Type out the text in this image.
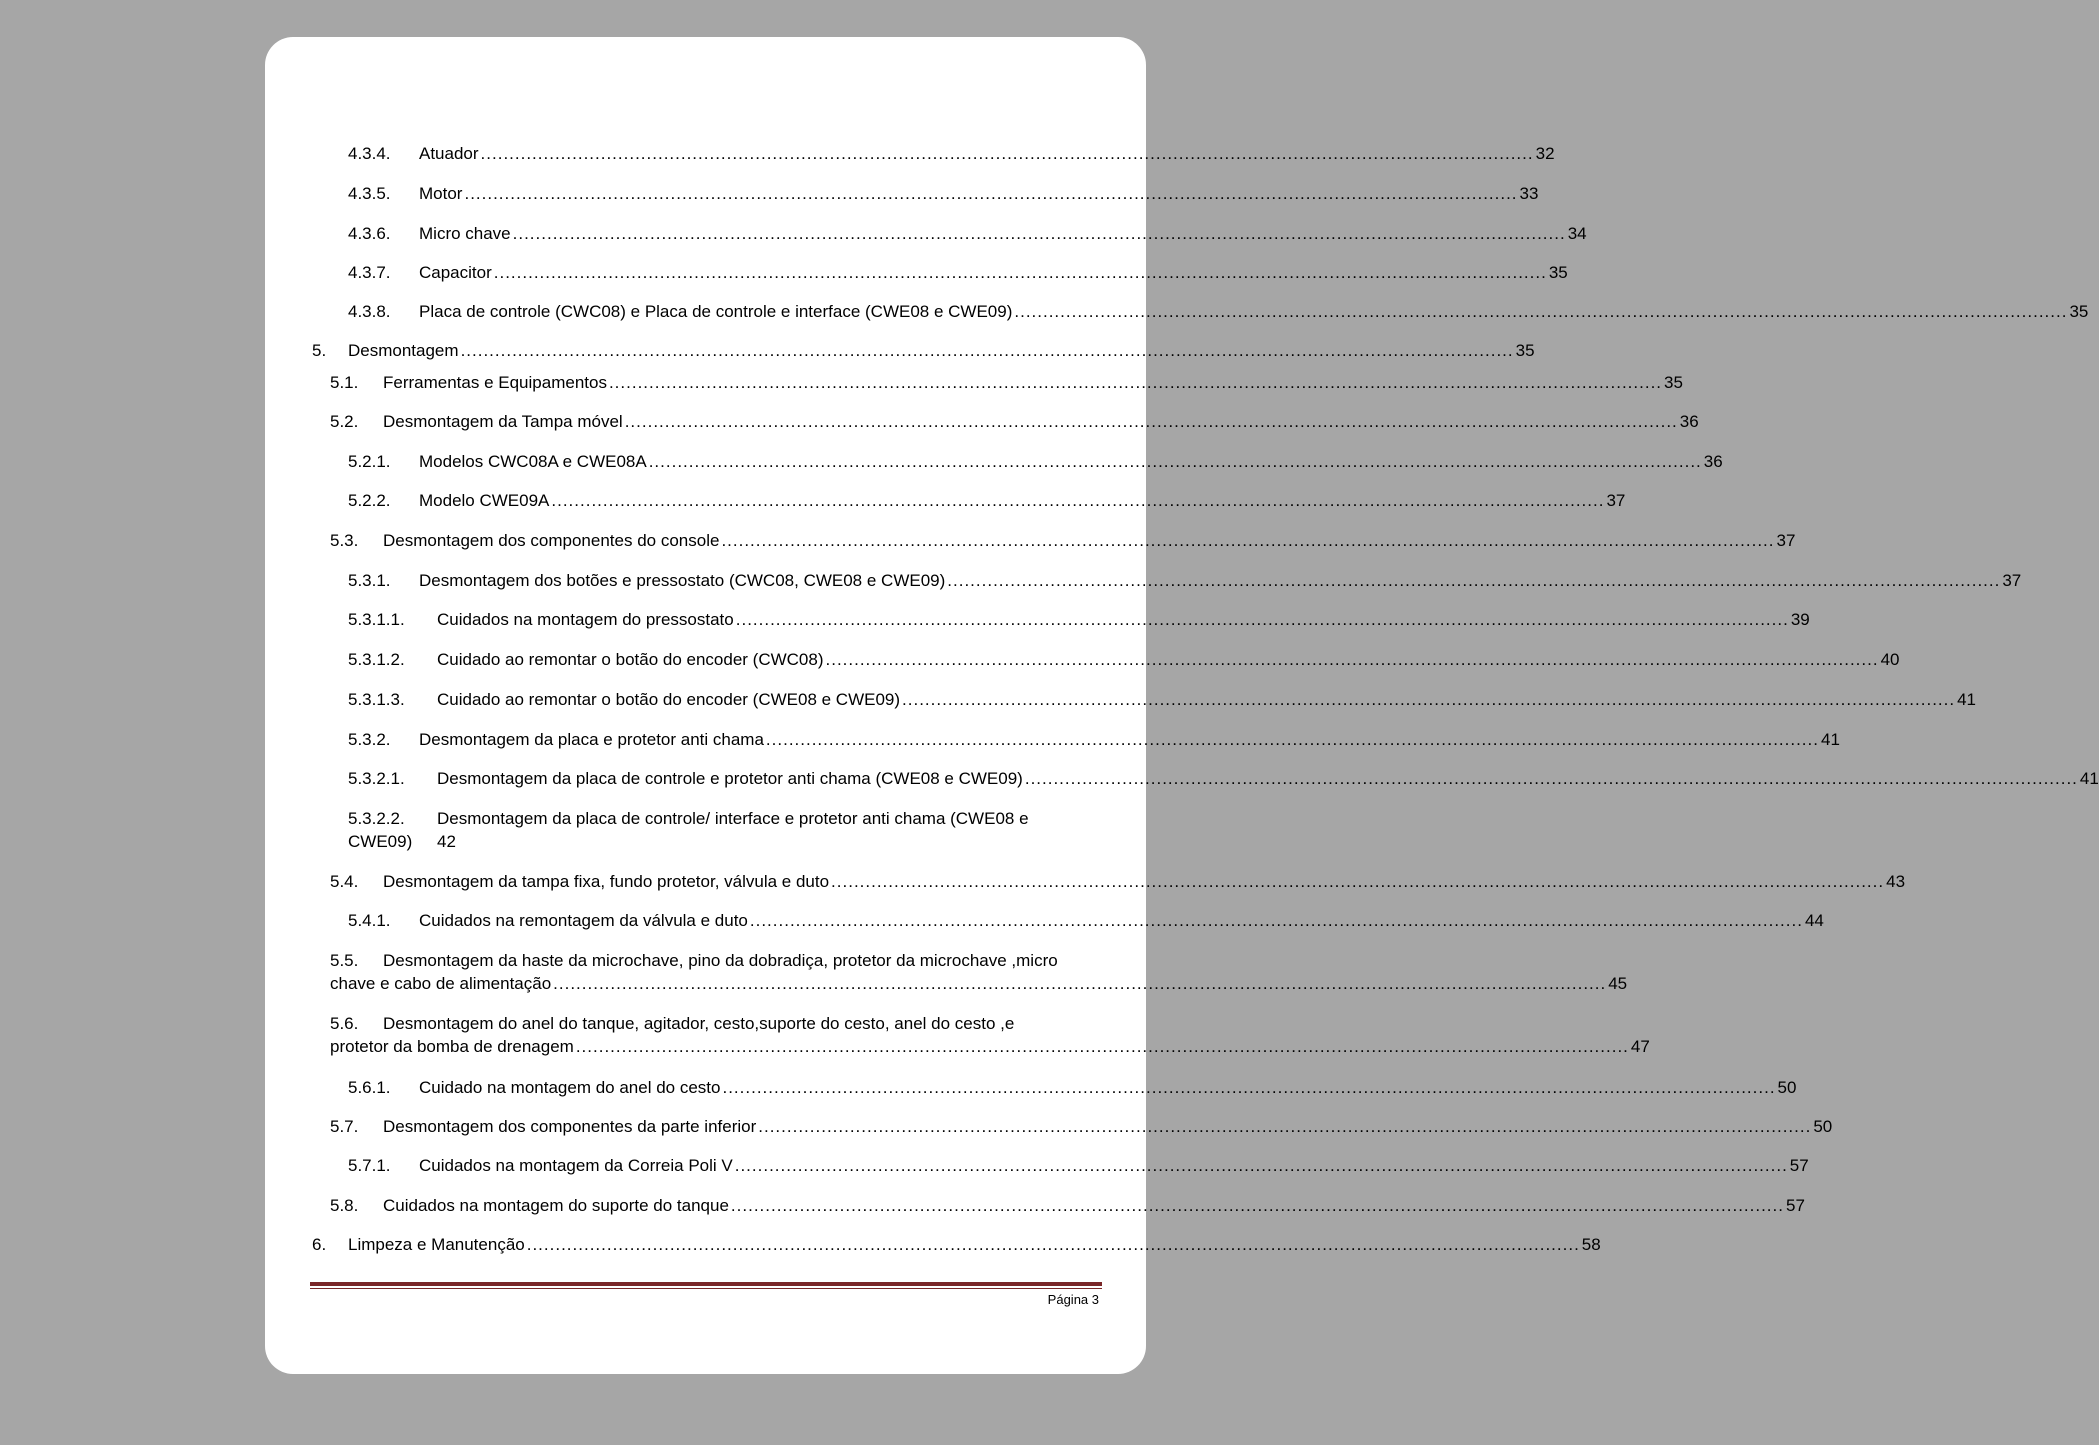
4.3.4.	Atuador ........................................................................................................................................................................................ 32
4.3.5.	Motor ........................................................................................................................................................................................ 33
4.3.6.	Micro chave ........................................................................................................................................................................................ 34
4.3.7.	Capacitor ........................................................................................................................................................................................ 35
4.3.8.	Placa de controle (CWC08) e Placa de controle e interface (CWE08 e CWE09) ........................................................................................................................................................................................ 35
5.	Desmontagem ........................................................................................................................................................................................ 35
5.1.	Ferramentas e Equipamentos ........................................................................................................................................................................................ 35
5.2.	Desmontagem da Tampa móvel ........................................................................................................................................................................................ 36
5.2.1.	Modelos CWC08A e CWE08A ........................................................................................................................................................................................ 36
5.2.2.	Modelo CWE09A ........................................................................................................................................................................................ 37
5.3.	Desmontagem dos componentes do console ........................................................................................................................................................................................ 37
5.3.1.	Desmontagem dos botões e pressostato (CWC08, CWE08 e CWE09) ........................................................................................................................................................................................ 37
5.3.1.1.	Cuidados na montagem do pressostato ........................................................................................................................................................................................ 39
5.3.1.2.	Cuidado ao remontar o botão do encoder (CWC08) ........................................................................................................................................................................................ 40
5.3.1.3.	Cuidado ao remontar o botão do encoder (CWE08 e CWE09) ........................................................................................................................................................................................ 41
5.3.2.	Desmontagem da placa e protetor anti chama ........................................................................................................................................................................................ 41
5.3.2.1.	Desmontagem da placa de controle e protetor anti chama (CWE08 e CWE09) ........................................................................................................................................................................................ 41
5.3.2.2.	Desmontagem da placa de controle/ interface e protetor anti chama (CWE08 e
CWE09)	42
5.4.	Desmontagem da tampa fixa, fundo protetor, válvula e duto ........................................................................................................................................................................................ 43
5.4.1.	Cuidados na remontagem da válvula e duto ........................................................................................................................................................................................ 44
5.5.	Desmontagem da haste da microchave, pino da dobradiça, protetor da microchave ,micro
chave e cabo de alimentação ........................................................................................................................................................................................ 45
5.6.	Desmontagem do anel do tanque, agitador, cesto,suporte do cesto, anel do cesto ,e
protetor da bomba de drenagem ........................................................................................................................................................................................ 47
5.6.1.	Cuidado na montagem do anel do cesto ........................................................................................................................................................................................ 50
5.7.	Desmontagem dos componentes da parte inferior ........................................................................................................................................................................................ 50
5.7.1.	Cuidados na montagem da Correia Poli V ........................................................................................................................................................................................ 57
5.8.	Cuidados na montagem do suporte do tanque ........................................................................................................................................................................................ 57
6.	Limpeza e Manutenção ........................................................................................................................................................................................ 58
Página 3
